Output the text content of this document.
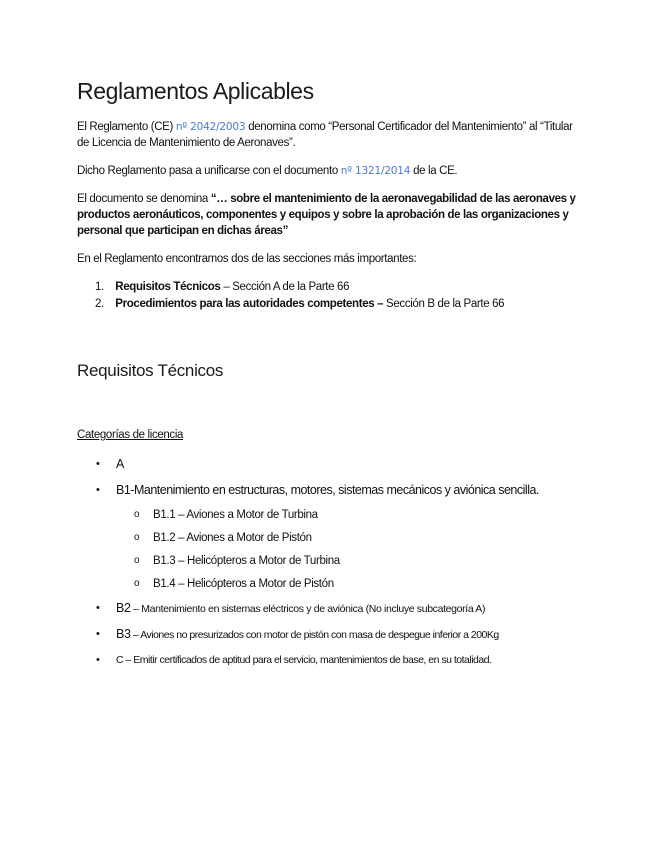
Reglamentos Aplicables
El Reglamento (CE) nº 2042/2003 denomina como “Personal Certificador del Mantenimiento” al “Titular de Licencia de Mantenimiento de Aeronaves”.
Dicho Reglamento pasa a unificarse con el documento nº 1321/2014 de la CE.
El documento se denomina “… sobre el mantenimiento de la aeronavegabilidad de las aeronaves y productos aeronáuticos, componentes y equipos y sobre la aprobación de las organizaciones y personal que participan en dichas áreas”
En el Reglamento encontramos dos de las secciones más importantes:
1. Requisitos Técnicos – Sección A de la Parte 66
2. Procedimientos para las autoridades competentes – Sección B de la Parte 66
Requisitos Técnicos
Categorías de licencia
• A
• B1-Mantenimiento en estructuras, motores, sistemas mecánicos y aviónica sencilla.
o B1.1 – Aviones a Motor de Turbina
o B1.2 – Aviones a Motor de Pistón
o B1.3 – Helicópteros a Motor de Turbina
o B1.4 – Helicópteros a Motor de Pistón
• B2 – Mantenimiento en sistemas eléctricos y de aviónica (No incluye subcategoría A)
• B3 – Aviones no presurizados con motor de pistón con masa de despegue inferior a 200Kg
• C – Emitir certificados de aptitud para el servicio, mantenimientos de base, en su totalidad.
